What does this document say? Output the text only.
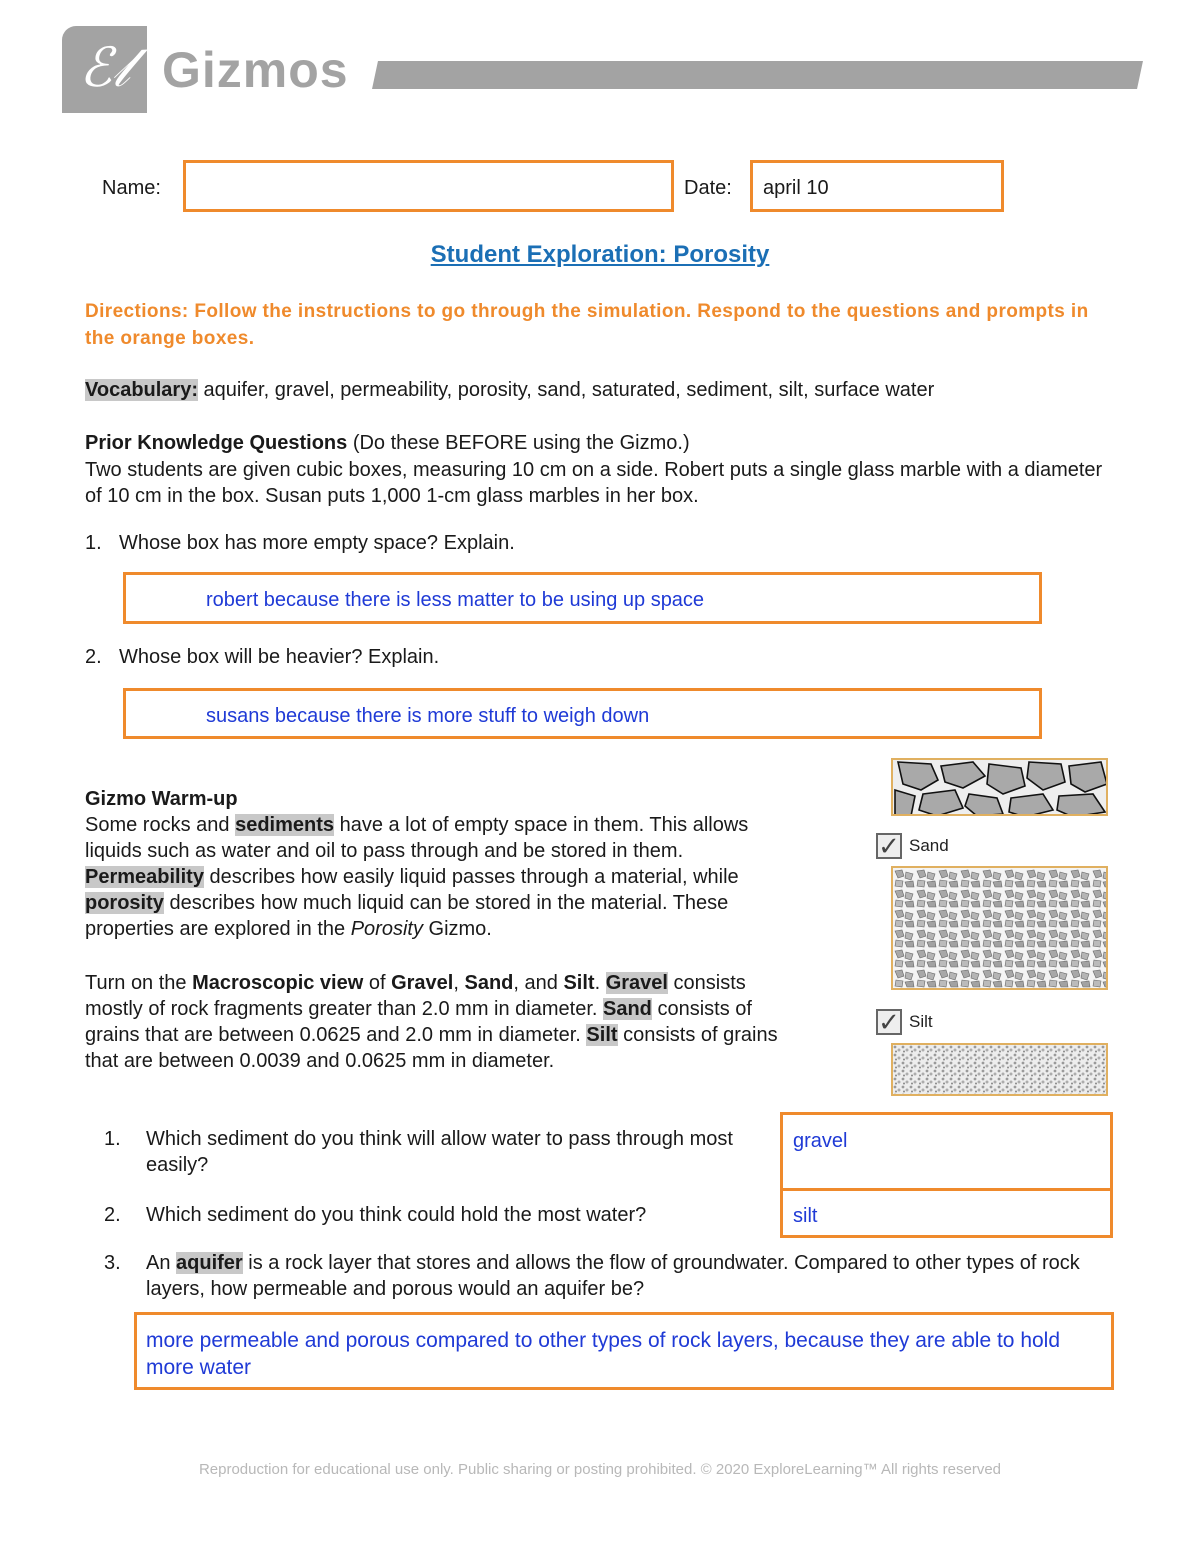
ℰ𝓁 Gizmos
Name:	Date: april 10
Student Exploration: Porosity
Directions: Follow the instructions to go through the simulation. Respond to the questions and prompts in the orange boxes.
Vocabulary: aquifer, gravel, permeability, porosity, sand, saturated, sediment, silt, surface water
Prior Knowledge Questions (Do these BEFORE using the Gizmo.)
Two students are given cubic boxes, measuring 10 cm on a side. Robert puts a single glass marble with a diameter of 10 cm in the box. Susan puts 1,000 1-cm glass marbles in her box.
1. Whose box has more empty space? Explain.
robert because there is less matter to be using up space
2. Whose box will be heavier? Explain.
susans because there is more stuff to weigh down
Gizmo Warm-up
Some rocks and sediments have a lot of empty space in them. This allows liquids such as water and oil to pass through and be stored in them. Permeability describes how easily liquid passes through a material, while porosity describes how much liquid can be stored in the material. These properties are explored in the Porosity Gizmo.
Turn on the Macroscopic view of Gravel, Sand, and Silt. Gravel consists mostly of rock fragments greater than 2.0 mm in diameter. Sand consists of grains that are between 0.0625 and 2.0 mm in diameter. Silt consists of grains that are between 0.0039 and 0.0625 mm in diameter.
✓ Sand
✓ Silt
1. Which sediment do you think will allow water to pass through most easily?
2. Which sediment do you think could hold the most water?
gravel
silt
3. An aquifer is a rock layer that stores and allows the flow of groundwater. Compared to other types of rock layers, how permeable and porous would an aquifer be?
more permeable and porous compared to other types of rock layers, because they are able to hold more water
Reproduction for educational use only. Public sharing or posting prohibited. © 2020 ExploreLearning™ All rights reserved
